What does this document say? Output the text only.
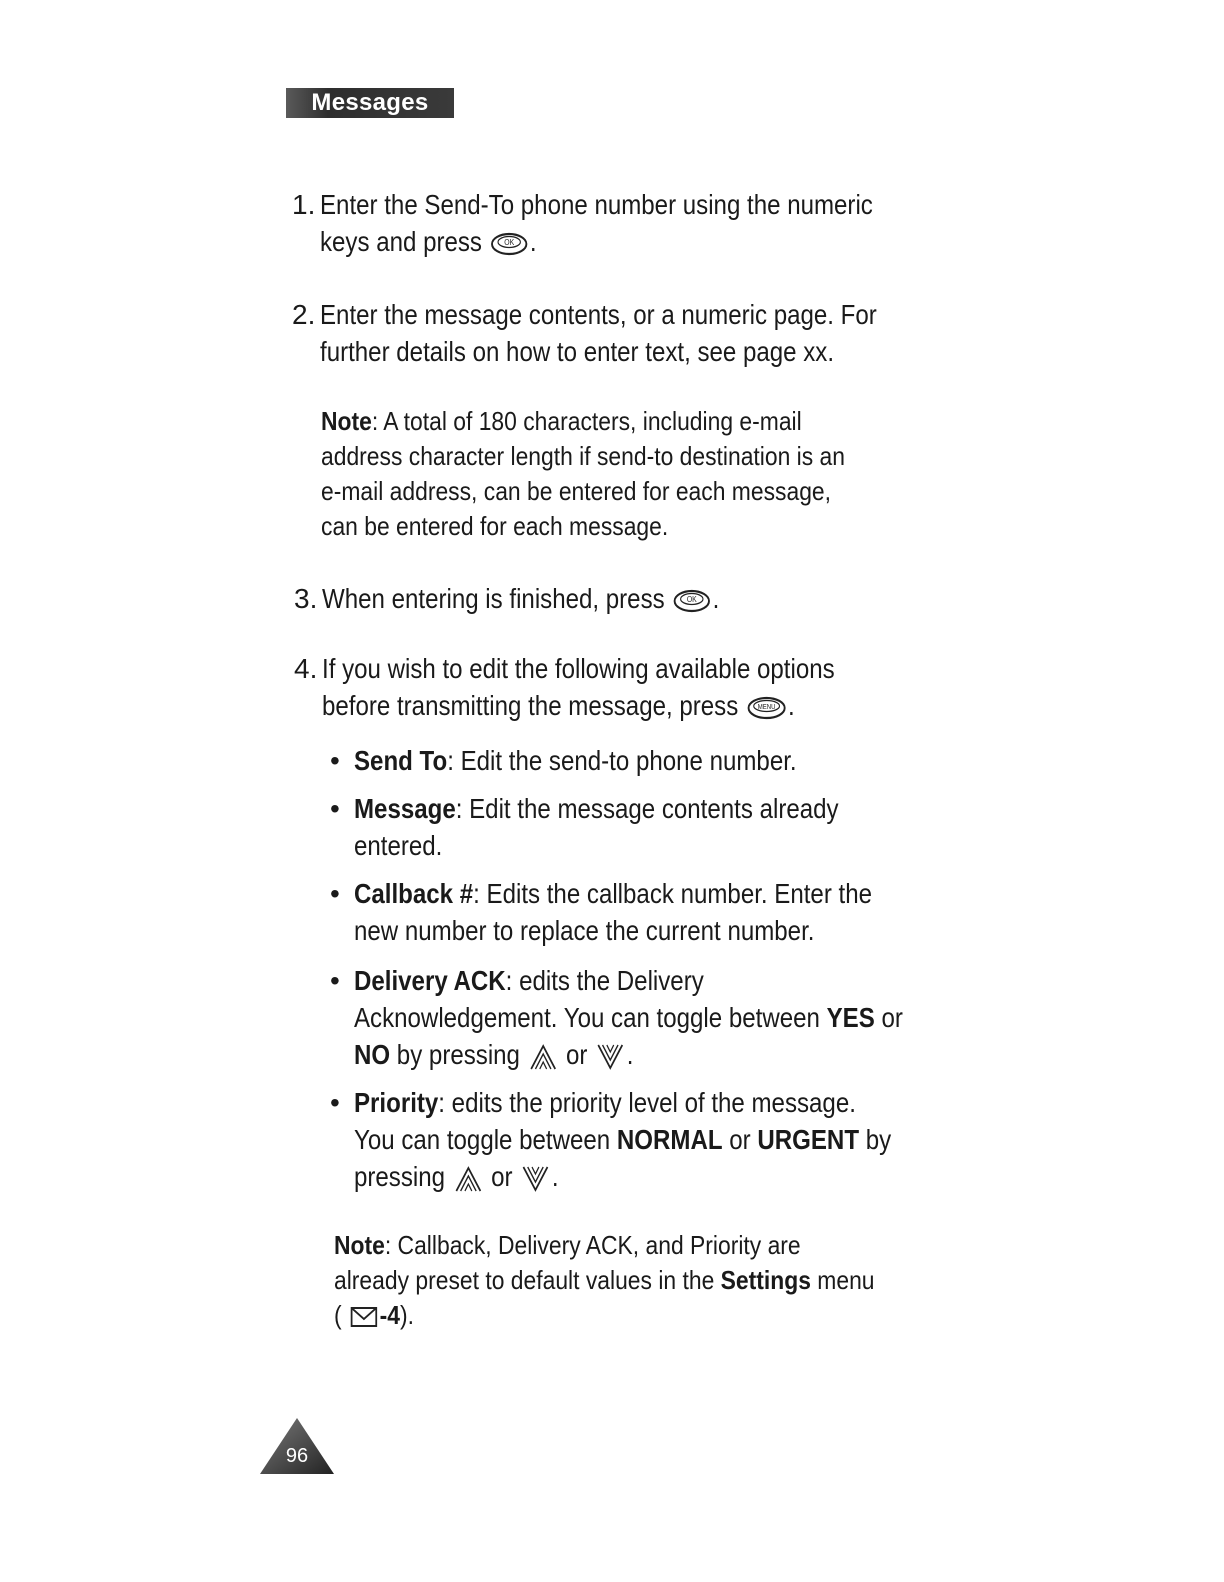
Messages
1. Enter the Send-To phone number using the numeric
keys and press	OK .
2. Enter the message contents, or a numeric page. For
further details on how to enter text, see page xx.
Note: A total of 180 characters, including e-mail
address character length if send-to destination is an
e-mail address, can be entered for each message,
can be entered for each message.
3. When entering is finished, press	OK .
4. If you wish to edit the following available options
before transmitting the message, press	MENU .
• Send To: Edit the send-to phone number.
• Message: Edit the message contents already
entered.
• Callback #: Edits the callback number. Enter the
new number to replace the current number.
• Delivery ACK: edits the Delivery
Acknowledgement. You can toggle between YES or
NO by pressing or .
• Priority: edits the priority level of the message.
You can toggle between NORMAL or URGENT by
pressing or .
Note: Callback, Delivery ACK, and Priority are
already preset to default values in the Settings menu
( -4).
96
